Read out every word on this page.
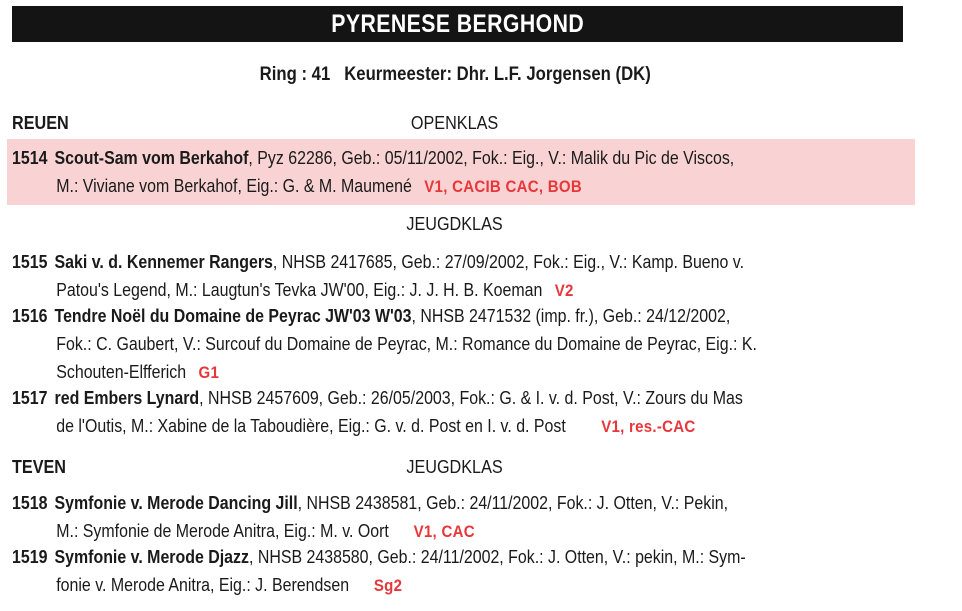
PYRENESE BERGHOND
Ring : 41   Keurmeester: Dhr. L.F. Jorgensen (DK)
REUEN	OPENKLAS
1514 Scout-Sam vom Berkahof, Pyz 62286, Geb.: 05/11/2002, Fok.: Eig., V.: Malik du Pic de Viscos,
M.: Viviane vom Berkahof, Eig.: G. & M. Maumené V1, CACIB CAC, BOB
JEUGDKLAS
1515 Saki v. d. Kennemer Rangers, NHSB 2417685, Geb.: 27/09/2002, Fok.: Eig., V.: Kamp. Bueno v.
Patou's Legend, M.: Laugtun's Tevka JW'00, Eig.: J. J. H. B. Koeman V2
1516 Tendre Noël du Domaine de Peyrac JW'03 W'03, NHSB 2471532 (imp. fr.), Geb.: 24/12/2002,
Fok.: C. Gaubert, V.: Surcouf du Domaine de Peyrac, M.: Romance du Domaine de Peyrac, Eig.: K.
Schouten-Elfferich G1
1517 red Embers Lynard, NHSB 2457609, Geb.: 26/05/2003, Fok.: G. & I. v. d. Post, V.: Zours du Mas
de l'Outis, M.: Xabine de la Taboudière, Eig.: G. v. d. Post en I. v. d. Post V1, res.-CAC
TEVEN	JEUGDKLAS
1518 Symfonie v. Merode Dancing Jill, NHSB 2438581, Geb.: 24/11/2002, Fok.: J. Otten, V.: Pekin,
M.: Symfonie de Merode Anitra, Eig.: M. v. Oort V1, CAC
1519 Symfonie v. Merode Djazz, NHSB 2438580, Geb.: 24/11/2002, Fok.: J. Otten, V.: pekin, M.: Sym-
fonie v. Merode Anitra, Eig.: J. Berendsen Sg2
